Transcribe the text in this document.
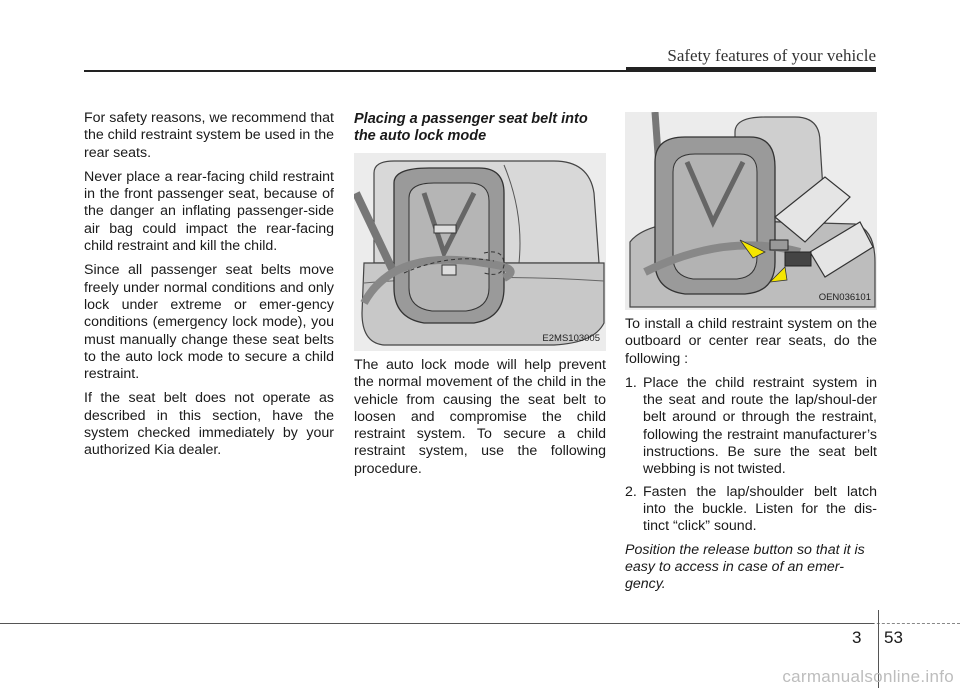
Safety features of your vehicle

For safety reasons, we recommend that the child restraint system be used in the rear seats.

Never place a rear-facing child restraint in the front passenger seat, because of the danger an inflating passenger-side air bag could impact the rear-facing child restraint and kill the child.

Since all passenger seat belts move freely under normal conditions and only lock under extreme or emer-gency conditions (emergency lock mode), you must manually change these seat belts to the auto lock mode to secure a child restraint.

If the seat belt does not operate as described in this section, have the system checked immediately by your authorized Kia dealer.

Placing a passenger seat belt into the auto lock mode
E2MS103005

The auto lock mode will help prevent the normal movement of the child in the vehicle from causing the seat belt to loosen and compromise the child restraint system. To secure a child restraint system, use the following procedure.

OEN036101

To install a child restraint system on the outboard or center rear seats, do the following :

1. Place the child restraint system in the seat and route the lap/shoul-der belt around or through the restraint, following the restraint manufacturer’s instructions. Be sure the seat belt webbing is not twisted.
2. Fasten the lap/shoulder belt latch into the buckle. Listen for the dis-tinct “click” sound.

Position the release button so that it is easy to access in case of an emer-gency.

3 53
carmanualsonline.info
